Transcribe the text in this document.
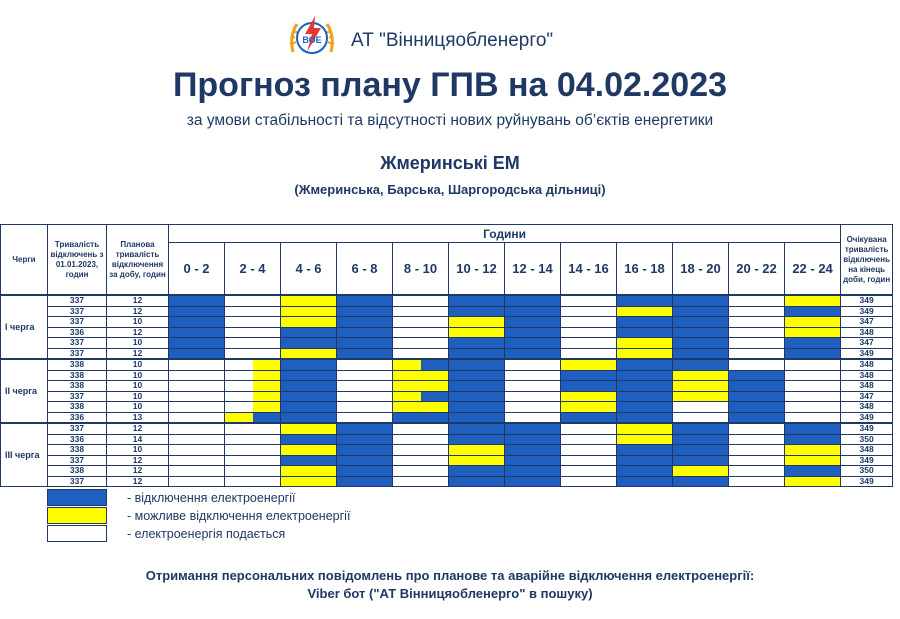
ВОЕ АТ "Вінницяобленерго"
Прогноз плану ГПВ на 04.02.2023
за умови стабільності та відсутності нових руйнувань об’єктів енергетики
Жмеринські ЕМ
(Жмеринська, Барська, Шаргородська дільниці)
Черги	Тривалість відключень з 01.01.2023, годин	Планова тривалість відключення за добу, годин	Години																								Очікувана тривалість відключень на кінець доби, годин
			0 - 2		2 - 4		4 - 6		6 - 8		8 - 10		10 - 12		12 - 14		14 - 16		16 - 18		18 - 20		20 - 22		22 - 24		
I черга	337	12																									349
	337	12																									349
	337	10																									347
	336	12																									348
	337	10																									347
	337	12																									349
II черга	338	10																									348
	338	10																									348
	338	10																									348
	337	10																									347
	338	10																									348
	336	13																									349
III черга	337	12																									349
	336	14																									350
	338	10																									348
	337	12																									349
	338	12																									350
	337	12																									349
- відключення електроенергії
- можливе відключення електроенергії
- електроенергія подається
Отримання персональних повідомлень про планове та аварійне відключення електроенергії:
Viber бот ("АТ Вінницяобленерго" в пошуку)
